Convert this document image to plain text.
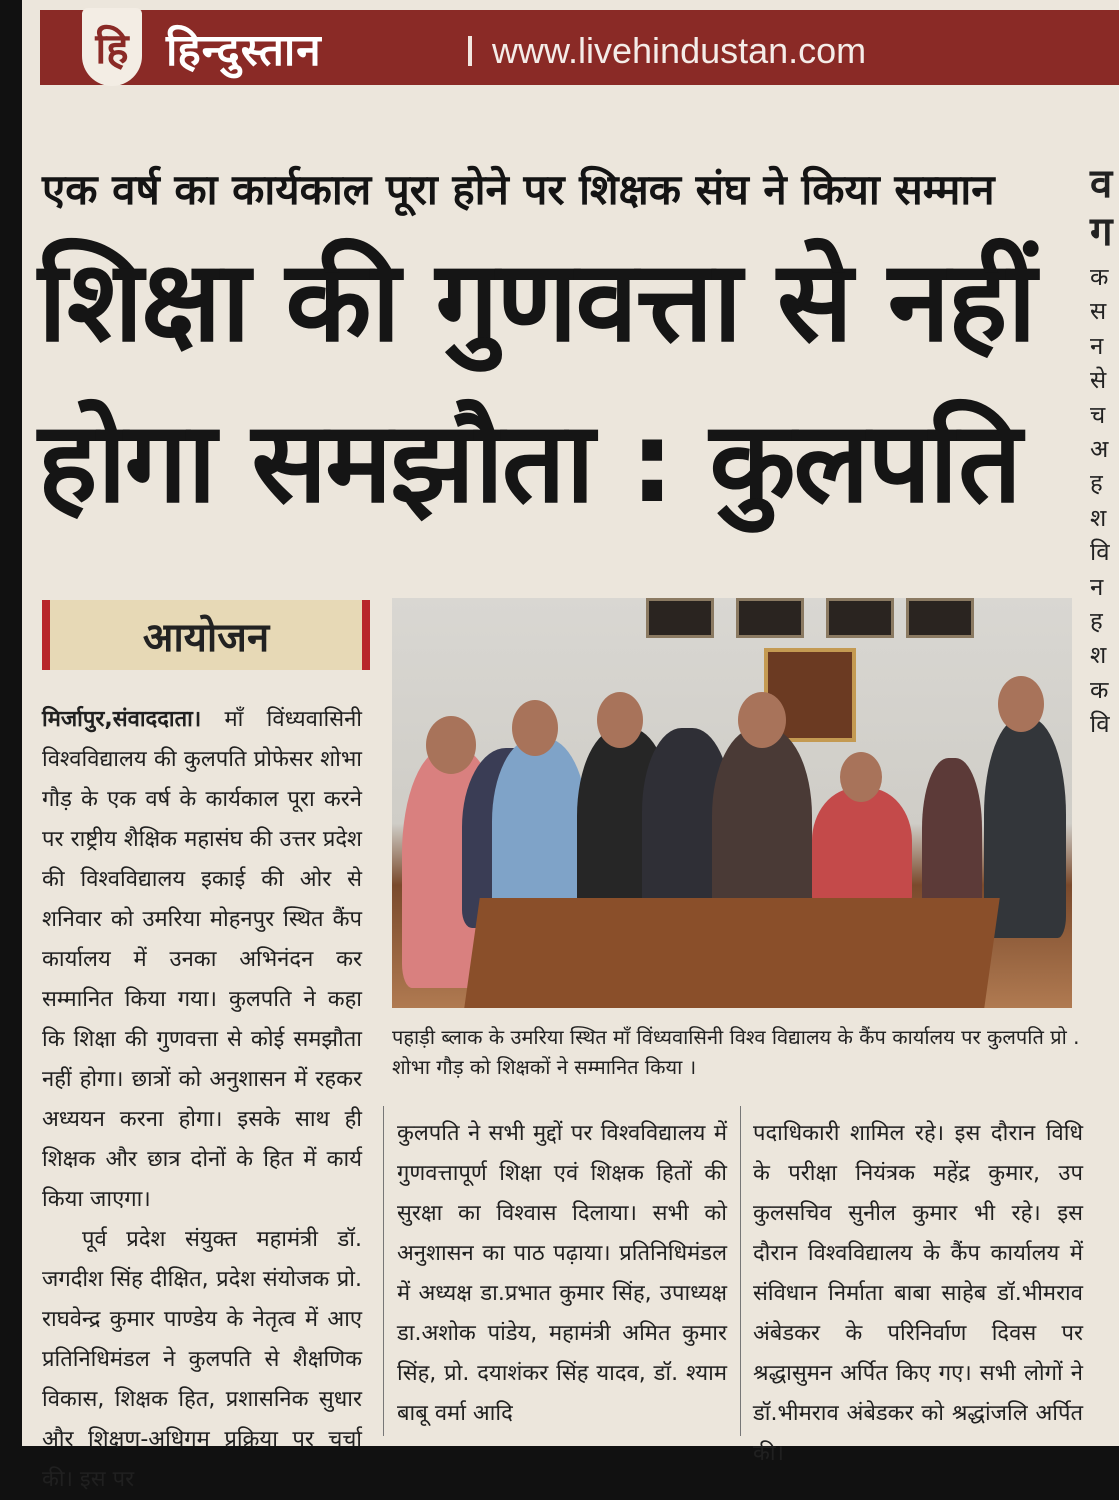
हि हिन्दुस्तान	www.livehindustan.com
एक वर्ष का कार्यकाल पूरा होने पर शिक्षक संघ ने किया सम्मान
शिक्षा की गुणवत्ता से नहीं
होगा समझौता : कुलपति
व
ग
क
स
न
से
च
अ
ह
श
वि
न
ह
श
क
वि
आयोजन

मिर्जापुर,संवाददाता। माँ विंध्यवासिनी विश्वविद्यालय की कुलपति प्रोफेसर शोभा गौड़ के एक वर्ष के कार्यकाल पूरा करने पर राष्ट्रीय शैक्षिक महासंघ की उत्तर प्रदेश की विश्वविद्यालय इकाई की ओर से शनिवार को उमरिया मोहनपुर स्थित कैंप कार्यालय में उनका अभिनंदन कर सम्मानित किया गया। कुलपति ने कहा कि शिक्षा की गुणवत्ता से कोई समझौता नहीं होगा। छात्रों को अनुशासन में रहकर अध्ययन करना होगा। इसके साथ ही शिक्षक और छात्र दोनों के हित में कार्य किया जाएगा।

पूर्व प्रदेश संयुक्त महामंत्री डॉ. जगदीश सिंह दीक्षित, प्रदेश संयोजक प्रो. राघवेन्द्र कुमार पाण्डेय के नेतृत्व में आए प्रतिनिधिमंडल ने कुलपति से शैक्षणिक विकास, शिक्षक हित, प्रशासनिक सुधार और शिक्षण-अधिगम प्रक्रिया पर चर्चा की। इस पर

पहाड़ी ब्लाक के उमरिया स्थित माँ विंध्यवासिनी विश्व विद्यालय के कैंप कार्यालय पर कुलपति प्रो . शोभा गौड़ को शिक्षकों ने सम्मानित किया ।

कुलपति ने सभी मुद्दों पर विश्वविद्यालय में गुणवत्तापूर्ण शिक्षा एवं शिक्षक हितों की सुरक्षा का विश्वास दिलाया। सभी को अनुशासन का पाठ पढ़ाया। प्रतिनिधिमंडल में अध्यक्ष डा.प्रभात कुमार सिंह, उपाध्यक्ष डा.अशोक पांडेय, महामंत्री अमित कुमार सिंह, प्रो. दयाशंकर सिंह यादव, डॉ. श्याम बाबू वर्मा आदि

पदाधिकारी शामिल रहे। इस दौरान विधि के परीक्षा नियंत्रक महेंद्र कुमार, उप कुलसचिव सुनील कुमार भी रहे। इस दौरान विश्वविद्यालय के कैंप कार्यालय में संविधान निर्माता बाबा साहेब डॉ.भीमराव अंबेडकर के परिनिर्वाण दिवस पर श्रद्धासुमन अर्पित किए गए। सभी लोगों ने डॉ.भीमराव अंबेडकर को श्रद्धांजलि अर्पित की।
